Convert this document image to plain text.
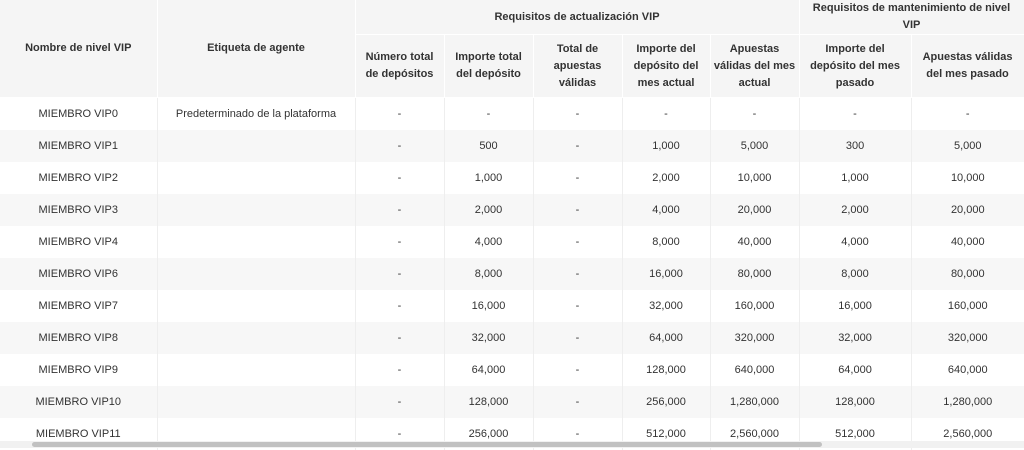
Nombre de nivel VIP	Etiqueta de agente	Requisitos de actualización VIP					Requisitos de mantenimiento de nivel VIP	
		Número total de depósitos	Importe total del depósito	Total de apuestas válidas	Importe del depósito del mes actual	Apuestas válidas del mes actual	Importe del depósito del mes pasado	Apuestas válidas del mes pasado
MIEMBRO VIP0	Predeterminado de la plataforma	-	-	-	-	-	-	-
MIEMBRO VIP1		-	500	-	1,000	5,000	300	5,000
MIEMBRO VIP2		-	1,000	-	2,000	10,000	1,000	10,000
MIEMBRO VIP3		-	2,000	-	4,000	20,000	2,000	20,000
MIEMBRO VIP4		-	4,000	-	8,000	40,000	4,000	40,000
MIEMBRO VIP6		-	8,000	-	16,000	80,000	8,000	80,000
MIEMBRO VIP7		-	16,000	-	32,000	160,000	16,000	160,000
MIEMBRO VIP8		-	32,000	-	64,000	320,000	32,000	320,000
MIEMBRO VIP9		-	64,000	-	128,000	640,000	64,000	640,000
MIEMBRO VIP10		-	128,000	-	256,000	1,280,000	128,000	1,280,000
MIEMBRO VIP11		-	256,000	-	512,000	2,560,000	512,000	2,560,000
